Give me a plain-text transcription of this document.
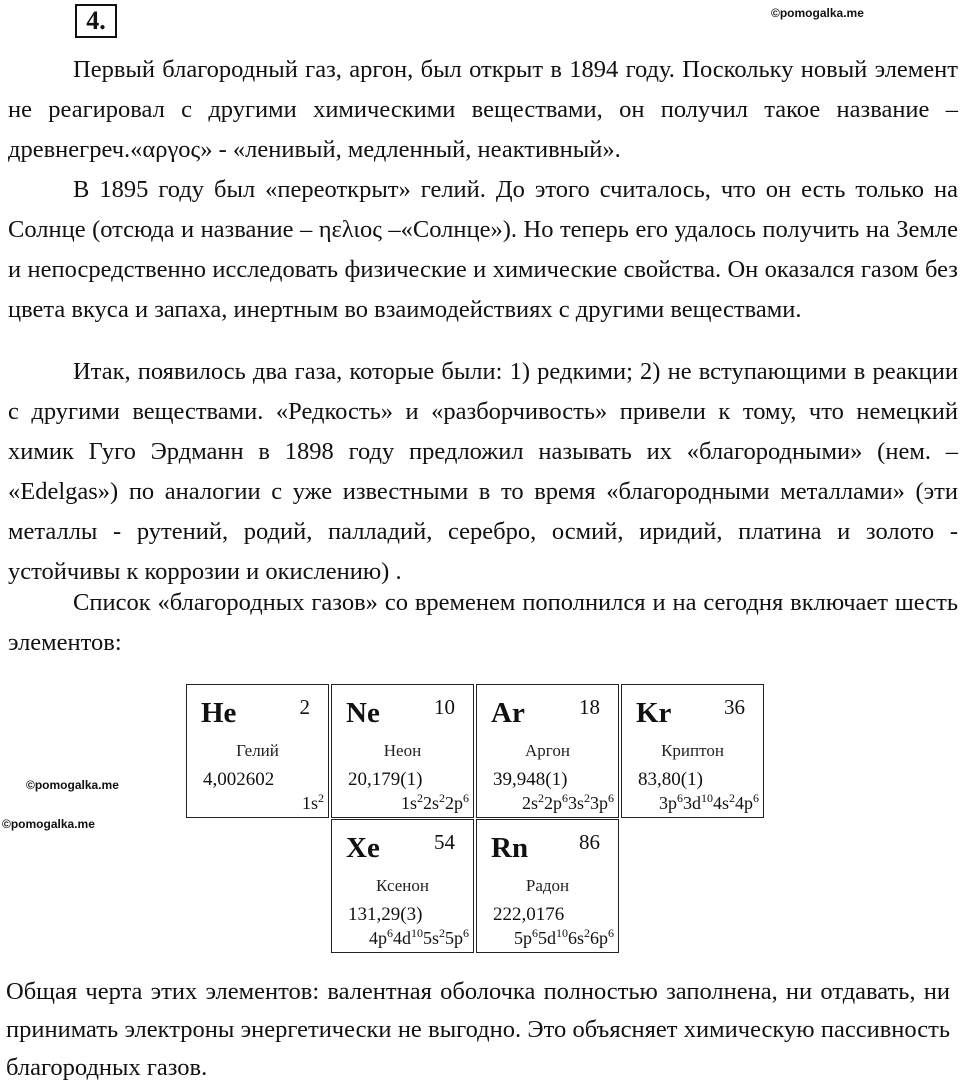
4.	©pomogalka.me

Первый благородный газ, аргон, был открыт в 1894 году. Поскольку новый элемент не реагировал с другими химическими веществами, он получил такое название – древнегреч.«αργος» - «ленивый, медленный, неактивный».

В 1895 году был «переоткрыт» гелий. До этого считалось, что он есть только на Солнце (отсюда и название – ηελιος –«Солнце»). Но теперь его удалось получить на Земле и непосредственно исследовать физические и химические свойства. Он оказался газом без цвета вкуса и запаха, инертным во взаимодействиях с другими веществами.

Итак, появилось два газа, которые были: 1) редкими; 2) не вступающими в реакции с другими веществами. «Редкость» и «разборчивость» привели к тому, что немецкий химик Гуго Эрдманн в 1898 году предложил называть их «благородными» (нем. – «Edelgas») по аналогии с уже известными в то время «благородными металлами» (эти металлы - рутений, родий, палладий, серебро, осмий, иридий, платина и золото - устойчивы к коррозии и окислению) .

Список «благородных газов» со временем пополнился и на сегодня включает шесть элементов:

©pomogalka.me
©pomogalka.me
He	2
Гелий
4,002602
$1s^2$
Ne	10
Неон
20,179(1)
$1s^22s^22p^6$
Ar	18
Аргон
39,948(1)
$2s^22p^63s^23p^6$
Kr	36
Криптон
83,80(1)
$3p^63d^{10}4s^24p^6$
Xe	54
Ксенон
131,29(3)
$4p^64d^{10}5s^25p^6$
Rn 86
Радон
222,0176
$5p^65d^{10}6s^26p^6$

Общая черта этих элементов: валентная оболочка полностью заполнена, ни отдавать, ни принимать электроны энергетически не выгодно. Это объясняет химическую пассивность благородных газов.
